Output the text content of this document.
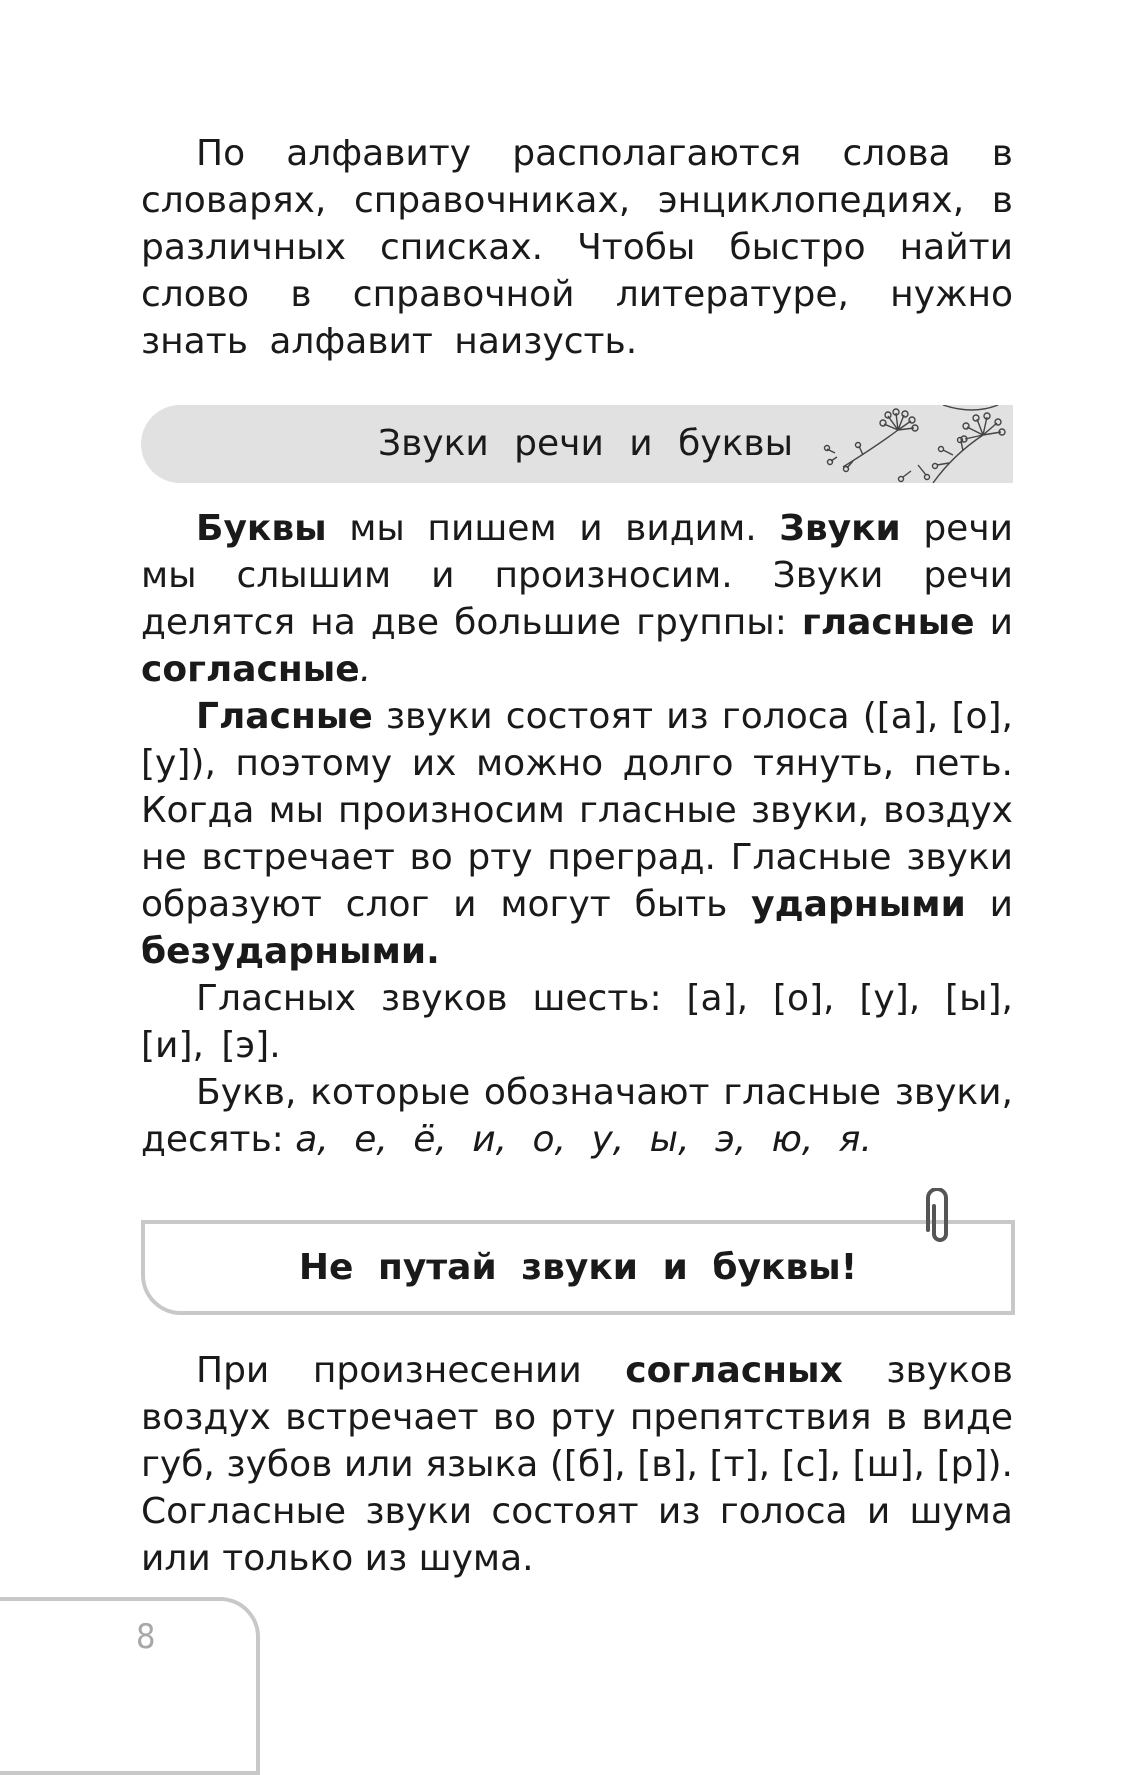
По алфавиту располагаются слова в словарях, справочниках, энциклопедиях, в различных списках. Чтобы быстро найти слово в справочной литературе, нужно знать алфавит наизусть.

Звуки речи и буквы

Буквы мы пишем и видим. Звуки речи мы слышим и произносим. Звуки речи делятся на две большие группы: гласные и согласные.

Гласные звуки состоят из голоса ([а], [о], [у]), поэтому их можно долго тянуть, петь. Когда мы произносим гласные звуки, воздух не встречает во рту преград. Гласные звуки образуют слог и могут быть ударными и безударными.

Гласных звуков шесть: [а], [о], [у], [ы], [и], [э].

Букв, которые обозначают гласные звуки, десять: а, е, ё, и, о, у, ы, э, ю, я.

Не путай звуки и буквы!

При произнесении согласных звуков воздух встречает во рту препятствия в виде губ, зубов или языка ([б], [в], [т], [с], [ш], [р]). Согласные звуки состоят из голоса и шума или только из шума.

8
